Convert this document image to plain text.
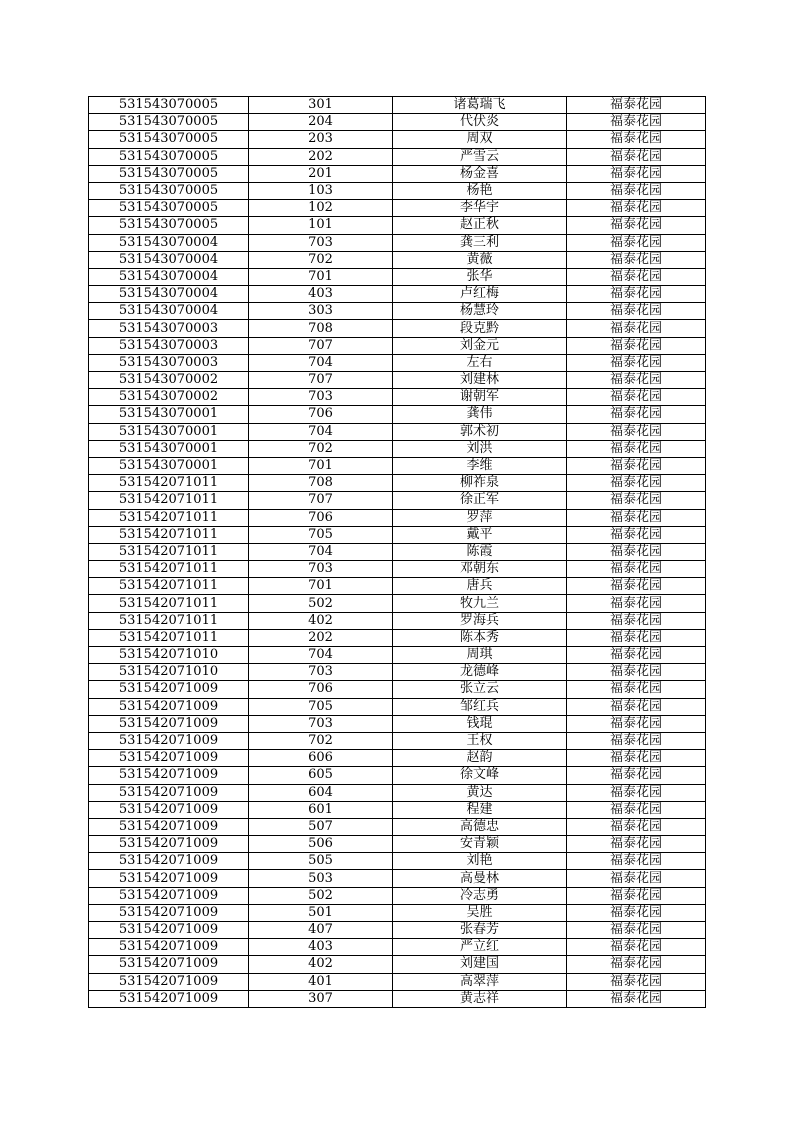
531543070005	301	诸葛瑞飞	福泰花园
531543070005	204	代伏炎	福泰花园
531543070005	203	周双	福泰花园
531543070005	202	严雪云	福泰花园
531543070005	201	杨金喜	福泰花园
531543070005	103	杨艳	福泰花园
531543070005	102	李华宇	福泰花园
531543070005	101	赵正秋	福泰花园
531543070004	703	龚三利	福泰花园
531543070004	702	黄薇	福泰花园
531543070004	701	张华	福泰花园
531543070004	403	卢红梅	福泰花园
531543070004	303	杨慧玲	福泰花园
531543070003	708	段克黔	福泰花园
531543070003	707	刘金元	福泰花园
531543070003	704	左右	福泰花园
531543070002	707	刘建林	福泰花园
531543070002	703	谢朝军	福泰花园
531543070001	706	龚伟	福泰花园
531543070001	704	郭术初	福泰花园
531543070001	702	刘洪	福泰花园
531543070001	701	李维	福泰花园
531542071011	708	柳祚泉	福泰花园
531542071011	707	徐正军	福泰花园
531542071011	706	罗萍	福泰花园
531542071011	705	戴平	福泰花园
531542071011	704	陈霞	福泰花园
531542071011	703	邓朝东	福泰花园
531542071011	701	唐兵	福泰花园
531542071011	502	牧九兰	福泰花园
531542071011	402	罗海兵	福泰花园
531542071011	202	陈本秀	福泰花园
531542071010	704	周琪	福泰花园
531542071010	703	龙德峰	福泰花园
531542071009	706	张立云	福泰花园
531542071009	705	邹红兵	福泰花园
531542071009	703	钱琨	福泰花园
531542071009	702	王权	福泰花园
531542071009	606	赵韵	福泰花园
531542071009	605	徐文峰	福泰花园
531542071009	604	黄达	福泰花园
531542071009	601	程建	福泰花园
531542071009	507	高德忠	福泰花园
531542071009	506	安青颖	福泰花园
531542071009	505	刘艳	福泰花园
531542071009	503	高曼林	福泰花园
531542071009	502	冷志勇	福泰花园
531542071009	501	吴胜	福泰花园
531542071009	407	张春芳	福泰花园
531542071009	403	严立红	福泰花园
531542071009	402	刘建国	福泰花园
531542071009	401	高翠萍	福泰花园
531542071009	307	黄志祥	福泰花园
